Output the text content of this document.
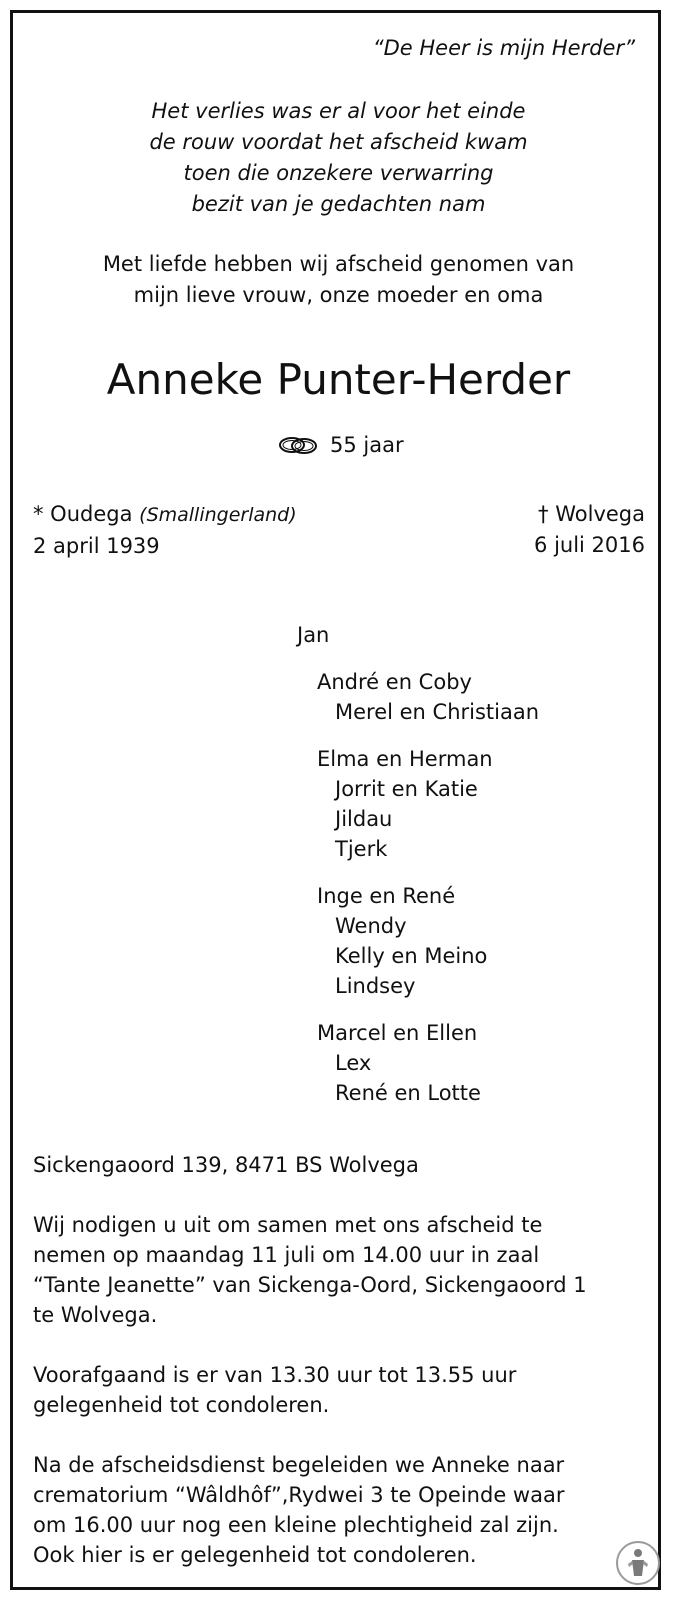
“De Heer is mijn Herder”
Het verlies was er al voor het einde
de rouw voordat het afscheid kwam
toen die onzekere verwarring
bezit van je gedachten nam
Met liefde hebben wij afscheid genomen van
mijn lieve vrouw, onze moeder en oma
Anneke Punter-Herder
55 jaar
* Oudega (Smallingerland)
2 april 1939
† Wolvega
6 juli 2016
Jan
André en Coby
Merel en Christiaan
Elma en Herman
Jorrit en Katie
Jildau
Tjerk
Inge en René
Wendy
Kelly en Meino
Lindsey
Marcel en Ellen
Lex
René en Lotte
Sickengaoord 139, 8471 BS Wolvega
Wij nodigen u uit om samen met ons afscheid te
nemen op maandag 11 juli om 14.00 uur in zaal
“Tante Jeanette” van Sickenga-Oord, Sickengaoord 1
te Wolvega.
Voorafgaand is er van 13.30 uur tot 13.55 uur
gelegenheid tot condoleren.
Na de afscheidsdienst begeleiden we Anneke naar
crematorium “Wâldhôf”,Rydwei 3 te Opeinde waar
om 16.00 uur nog een kleine plechtigheid zal zijn.
Ook hier is er gelegenheid tot condoleren.
